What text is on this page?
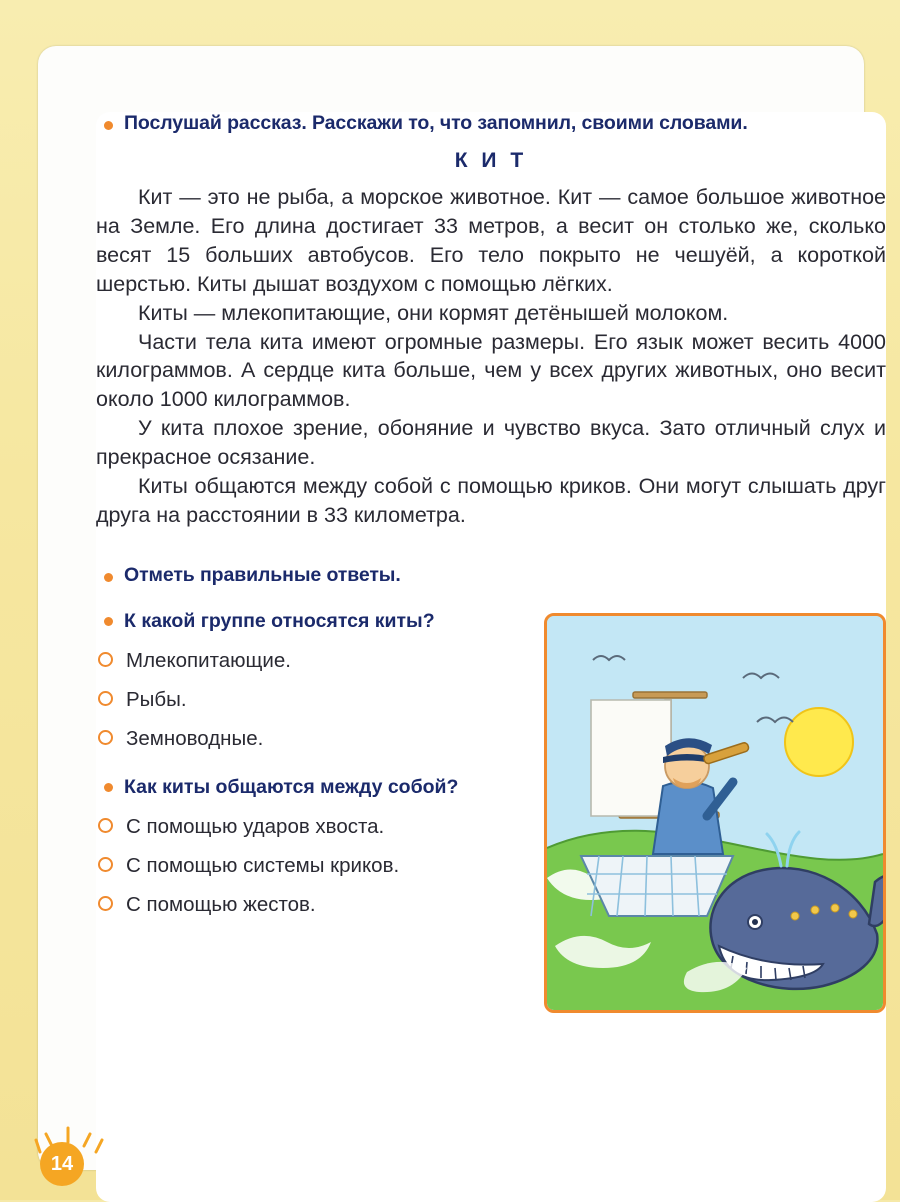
Послушай рассказ. Расскажи то, что запомнил, своими словами.
К И Т

Кит — это не рыба, а морское животное. Кит — самое большое животное на Земле. Его длина достигает 33 метров, а весит он столько же, сколько весят 15 больших автобусов. Его тело покрыто не чешуёй, а короткой шерстью. Киты дышат воздухом с помощью лёгких.

Киты — млекопитающие, они кормят детёнышей молоком.

Части тела кита имеют огромные размеры. Его язык может весить 4000 килограммов. А сердце кита больше, чем у всех других животных, оно весит около 1000 килограммов.

У кита плохое зрение, обоняние и чувство вкуса. Зато отличный слух и прекрасное осязание.

Киты общаются между собой с помощью криков. Они могут слышать друг друга на расстоянии в 33 километра.

Отметь правильные ответы.
К какой группе относятся киты?
Млекопитающие.
Рыбы.
Земноводные.
Как киты общаются между собой?
С помощью ударов хвоста.
С помощью системы криков.
С помощью жестов.
14
